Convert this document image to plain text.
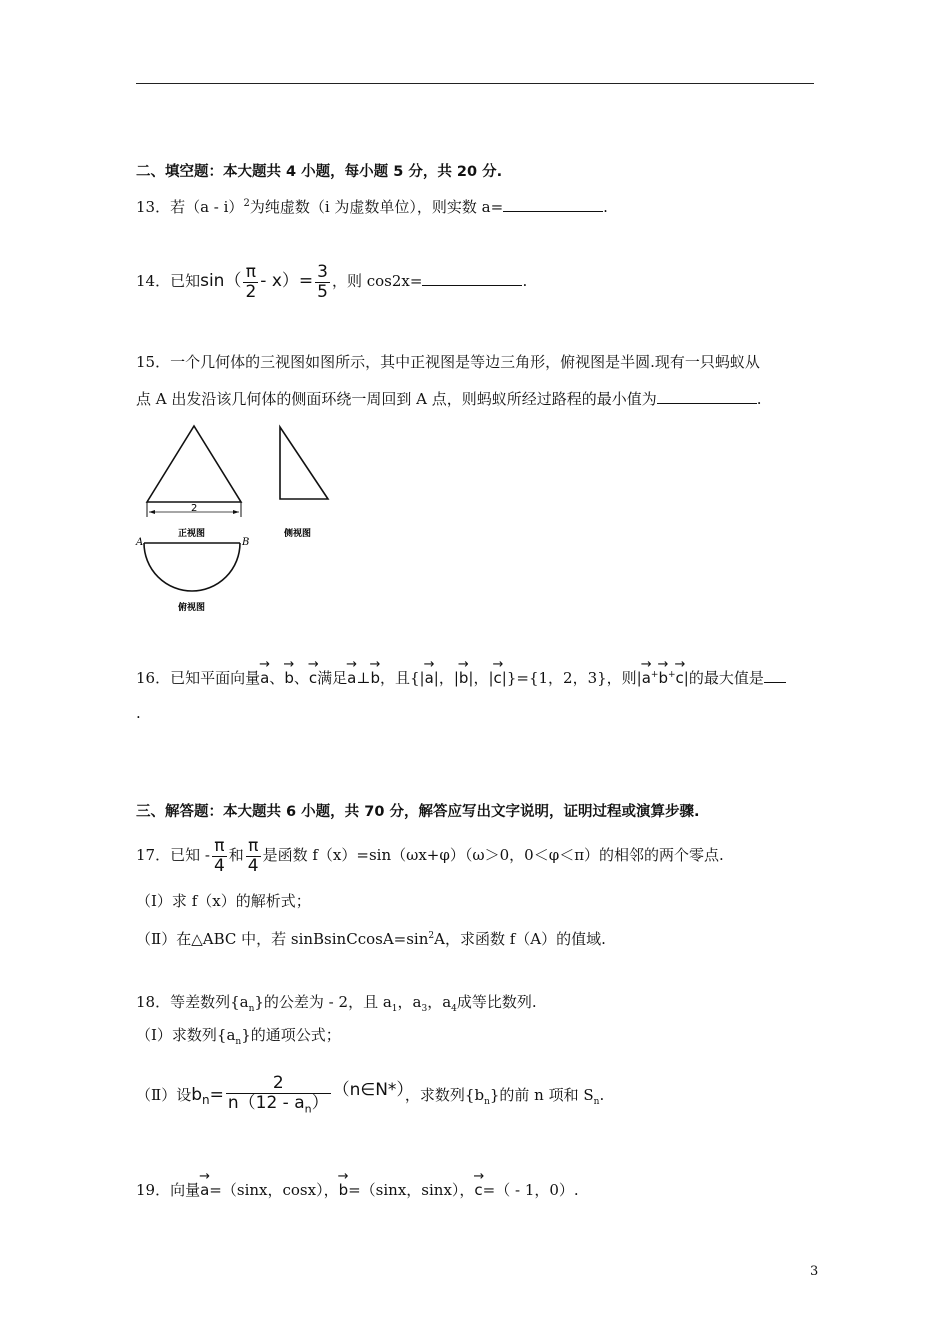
二、填空题：本大题共 4 小题，每小题 5 分，共 20 分.
13．若（a - i）$^2$为纯虚数（i 为虚数单位），则实数 a=	.
14．已知$\sin( \frac{\pi}{2} - x)= \frac{3}{5}$ ，则 cos2x=	.
15．一个几何体的三视图如图所示，其中正视图是等边三角形，俯视图是半圆.现有一只蚂蚁从
点 A 出发沿该几何体的侧面环绕一周回到 A 点，则蚂蚁所经过路程的最小值为	.
2
正视图	侧视图
A	B
俯视图
16．已知平面向量→ a、→ b、→ c满足→ a⊥→ b，且{|→ a|，|→ b|，|→ c|}={1，2，3}，则|→ a+→ b+→ c|的最大值是
.
三、解答题：本大题共 6 小题，共 70 分，解答应写出文字说明，证明过程或演算步骤.
17．已知 - $\frac{\pi}{4}$ 和 $\frac{\pi}{4}$ 是函数 f（x）=sin（ωx+φ）（ω＞0，0＜φ＜π）的相邻的两个零点.
（Ⅰ）求 f（x）的解析式；
（Ⅱ）在△ABC 中，若 $sinBsinCcosA=\sin^2A$，求函数 f（A）的值域.
18．等差数列$\{a_n\}$的公差为 - 2，且 $a_1$，$a_3$，$a_4$成等比数列.
（Ⅰ）求数列$\{a_n\}$的通项公式；
（Ⅱ）设$b_n= \frac{2}{n(12 - a_n)}$ （n∈N*），求数列$\{b_n\}$的前 n 项和 $S_n$.
19．向量→ a=（sinx，cosx），→ b=（sinx，sinx），→ c=（ - 1，0）.
3
